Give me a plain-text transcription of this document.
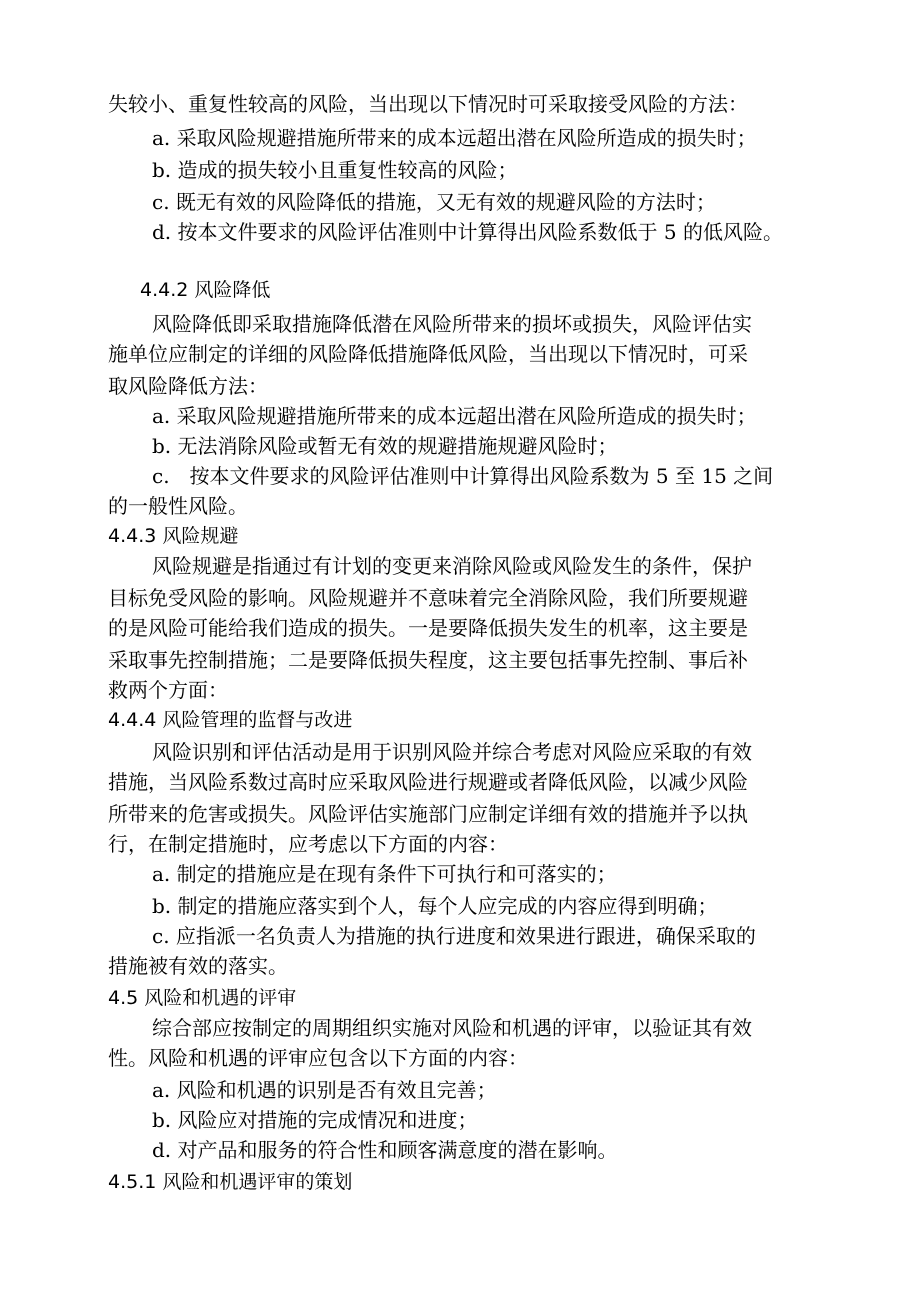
失较小、重复性较高的风险，当出现以下情况时可采取接受风险的方法：
a. 采取风险规避措施所带来的成本远超出潜在风险所造成的损失时；
b. 造成的损失较小且重复性较高的风险；
c. 既无有效的风险降低的措施，又无有效的规避风险的方法时；
d. 按本文件要求的风险评估准则中计算得出风险系数低于 5 的低风险。
4.4.2 风险降低
风险降低即采取措施降低潜在风险所带来的损坏或损失，风险评估实
施单位应制定的详细的风险降低措施降低风险，当出现以下情况时，可采
取风险降低方法：
a. 采取风险规避措施所带来的成本远超出潜在风险所造成的损失时；
b. 无法消除风险或暂无有效的规避措施规避风险时；
c.　按本文件要求的风险评估准则中计算得出风险系数为 5 至 15 之间
的一般性风险。
4.4.3 风险规避
风险规避是指通过有计划的变更来消除风险或风险发生的条件，保护
目标免受风险的影响。风险规避并不意味着完全消除风险，我们所要规避
的是风险可能给我们造成的损失。一是要降低损失发生的机率，这主要是
采取事先控制措施；二是要降低损失程度，这主要包括事先控制、事后补
救两个方面：
4.4.4 风险管理的监督与改进
风险识别和评估活动是用于识别风险并综合考虑对风险应采取的有效
措施，当风险系数过高时应采取风险进行规避或者降低风险，以减少风险
所带来的危害或损失。风险评估实施部门应制定详细有效的措施并予以执
行，在制定措施时，应考虑以下方面的内容：
a. 制定的措施应是在现有条件下可执行和可落实的；
b. 制定的措施应落实到个人，每个人应完成的内容应得到明确；
c. 应指派一名负责人为措施的执行进度和效果进行跟进，确保采取的
措施被有效的落实。
4.5 风险和机遇的评审
综合部应按制定的周期组织实施对风险和机遇的评审，以验证其有效
性。风险和机遇的评审应包含以下方面的内容：
a. 风险和机遇的识别是否有效且完善；
b. 风险应对措施的完成情况和进度；
d. 对产品和服务的符合性和顾客满意度的潜在影响。
4.5.1 风险和机遇评审的策划
